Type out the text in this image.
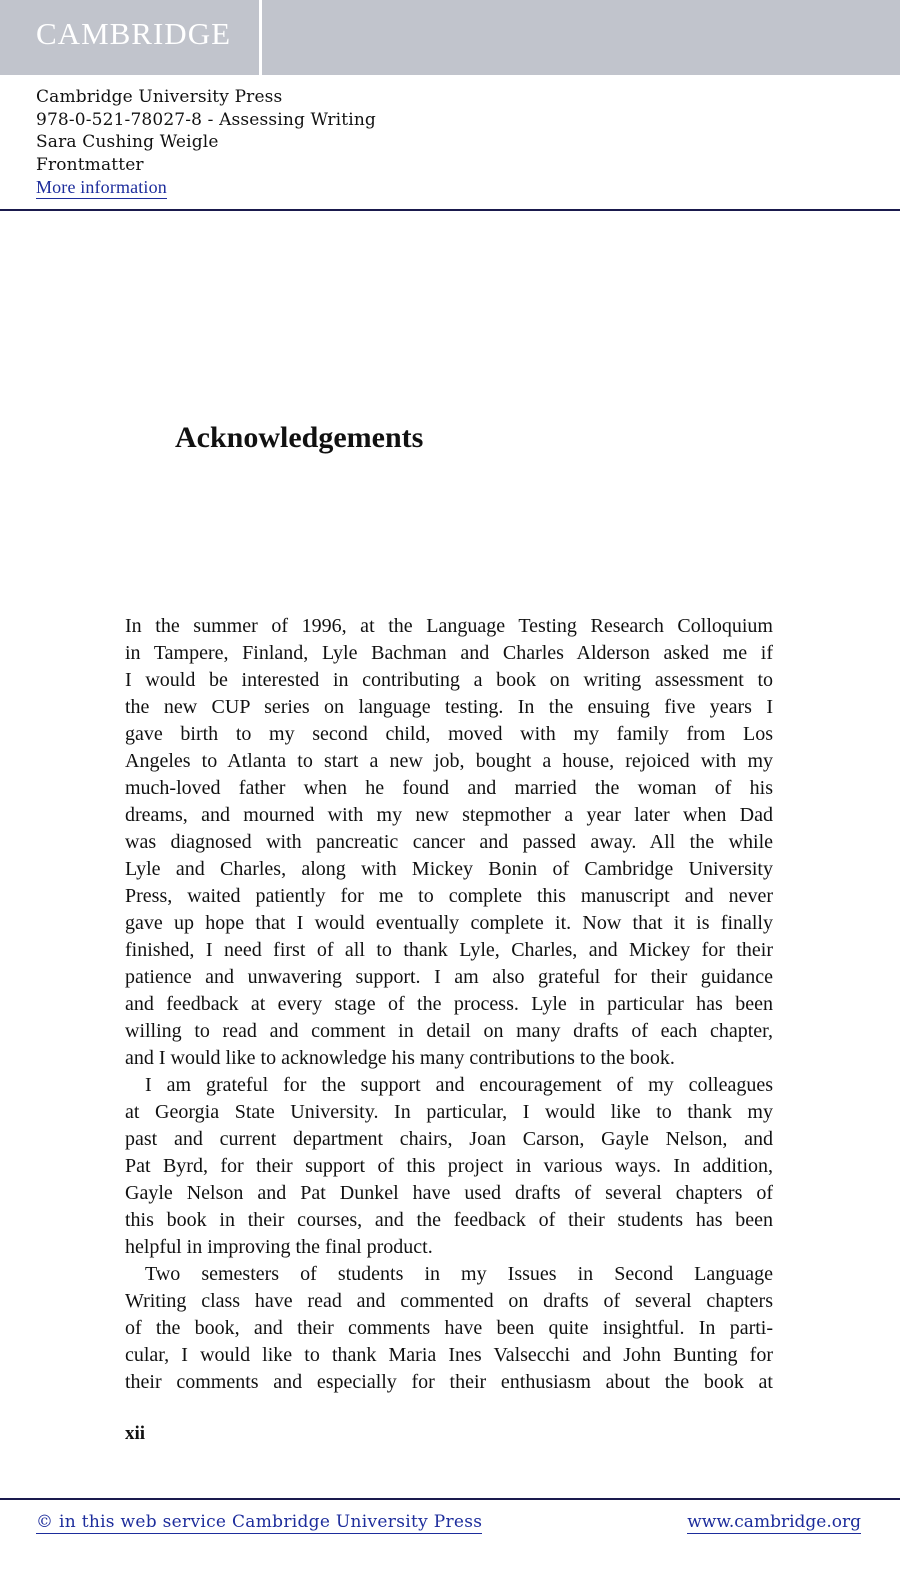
CAMBRIDGE
Cambridge University Press
978-0-521-78027-8 - Assessing Writing
Sara Cushing Weigle
Frontmatter
More information
Acknowledgements
In the summer of 1996, at the Language Testing Research Colloquium
in Tampere, Finland, Lyle Bachman and Charles Alderson asked me if
I would be interested in contributing a book on writing assessment to
the new CUP series on language testing. In the ensuing five years I
gave birth to my second child, moved with my family from Los
Angeles to Atlanta to start a new job, bought a house, rejoiced with my
much-loved father when he found and married the woman of his
dreams, and mourned with my new stepmother a year later when Dad
was diagnosed with pancreatic cancer and passed away. All the while
Lyle and Charles, along with Mickey Bonin of Cambridge University
Press, waited patiently for me to complete this manuscript and never
gave up hope that I would eventually complete it. Now that it is finally
finished, I need first of all to thank Lyle, Charles, and Mickey for their
patience and unwavering support. I am also grateful for their guidance
and feedback at every stage of the process. Lyle in particular has been
willing to read and comment in detail on many drafts of each chapter,
and I would like to acknowledge his many contributions to the book.
I am grateful for the support and encouragement of my colleagues
at Georgia State University. In particular, I would like to thank my
past and current department chairs, Joan Carson, Gayle Nelson, and
Pat Byrd, for their support of this project in various ways. In addition,
Gayle Nelson and Pat Dunkel have used drafts of several chapters of
this book in their courses, and the feedback of their students has been
helpful in improving the final product.
Two semesters of students in my Issues in Second Language
Writing class have read and commented on drafts of several chapters
of the book, and their comments have been quite insightful. In parti-
cular, I would like to thank Maria Ines Valsecchi and John Bunting for
their comments and especially for their enthusiasm about the book at
xii
© in this web service Cambridge University Press	www.cambridge.org
